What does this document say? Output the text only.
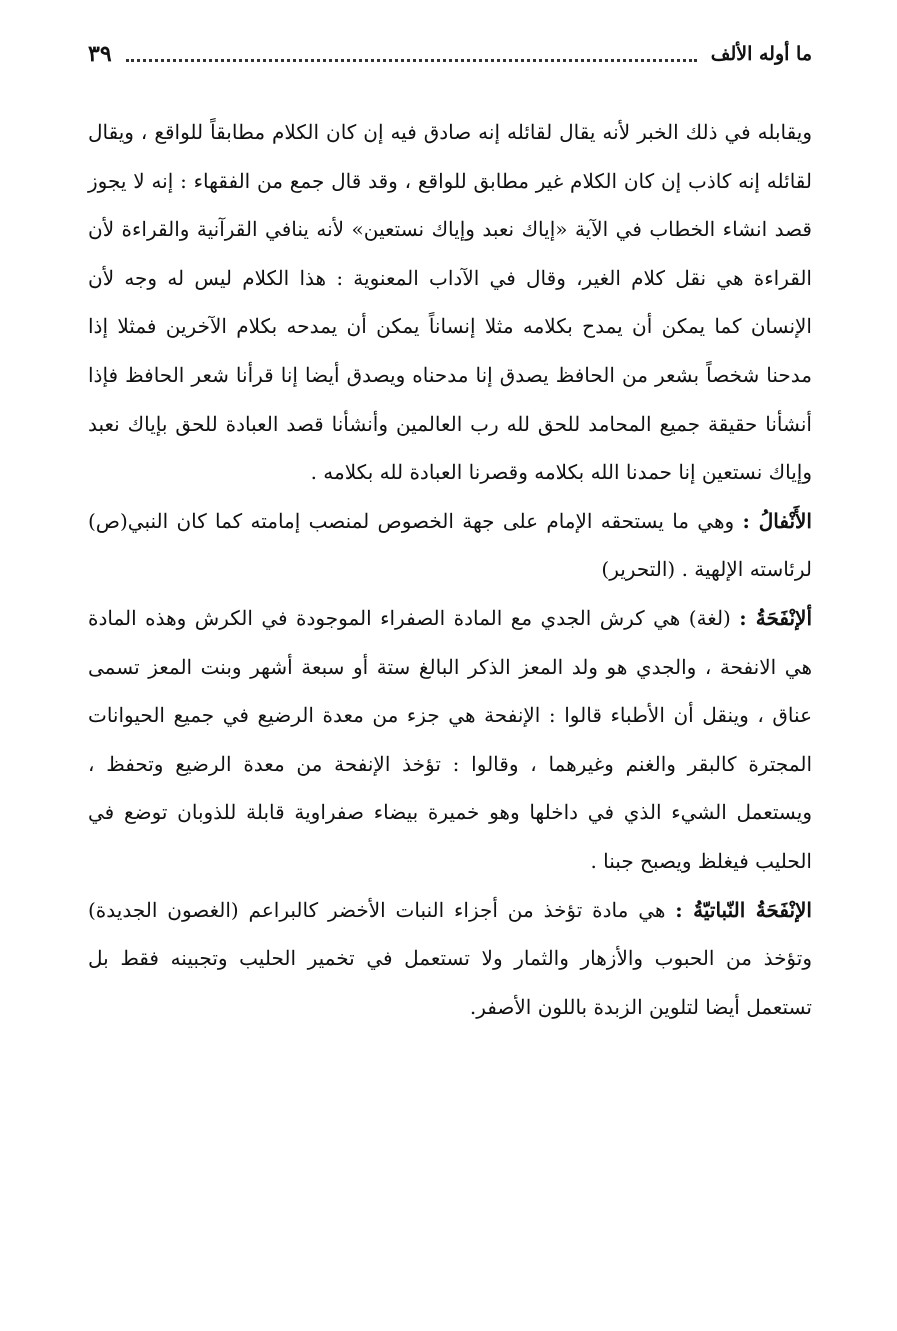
ما أوله الألف
٣٩

ويقابله في ذلك الخبر لأنه يقال لقائله إنه صادق فيه إن كان الكلام مطابقاً للواقع ، ويقال لقائله إنه كاذب إن كان الكلام غير مطابق للواقع ، وقد قال جمع من الفقهاء : إنه لا يجوز قصد انشاء الخطاب في الآية «إياك نعبد وإياك نستعين» لأنه ينافي القرآنية والقراءة لأن القراءة هي نقل كلام الغير، وقال في الآداب المعنوية : هذا الكلام ليس له وجه لأن الإنسان كما يمكن أن يمدح بكلامه مثلا إنساناً يمكن أن يمدحه بكلام الآخرين فمثلا إذا مدحنا شخصاً بشعر من الحافظ يصدق إنا مدحناه ويصدق أيضا إنا قرأنا شعر الحافظ فإذا أنشأنا حقيقة جميع المحامد للحق لله رب العالمين وأنشأنا قصد العبادة للحق بإياك نعبد وإياك نستعين إنا حمدنا الله بكلامه وقصرنا العبادة لله بكلامه .

الأَنْفالُ : وهي ما يستحقه الإمام على جهة الخصوص لمنصب إمامته كما كان النبي(ص) لرئاسته الإلهية . (التحرير)

ألإنْفَحَةُ : (لغة) هي كرش الجدي مع المادة الصفراء الموجودة في الكرش وهذه المادة هي الانفحة ، والجدي هو ولد المعز الذكر البالغ ستة أو سبعة أشهر وبنت المعز تسمى عناق ، وينقل أن الأطباء قالوا : الإنفحة هي جزء من معدة الرضيع في جميع الحيوانات المجترة كالبقر والغنم وغيرهما ، وقالوا : تؤخذ الإنفحة من معدة الرضيع وتحفظ ، ويستعمل الشيء الذي في داخلها وهو خميرة بيضاء صفراوية قابلة للذوبان توضع في الحليب فيغلظ ويصبح جبنا .

الإنْفَحَةُ النّباتيّةُ : هي مادة تؤخذ من أجزاء النبات الأخضر كالبراعم (الغصون الجديدة) وتؤخذ من الحبوب والأزهار والثمار ولا تستعمل في تخمير الحليب وتجبينه فقط بل تستعمل أيضا لتلوين الزبدة باللون الأصفر.
